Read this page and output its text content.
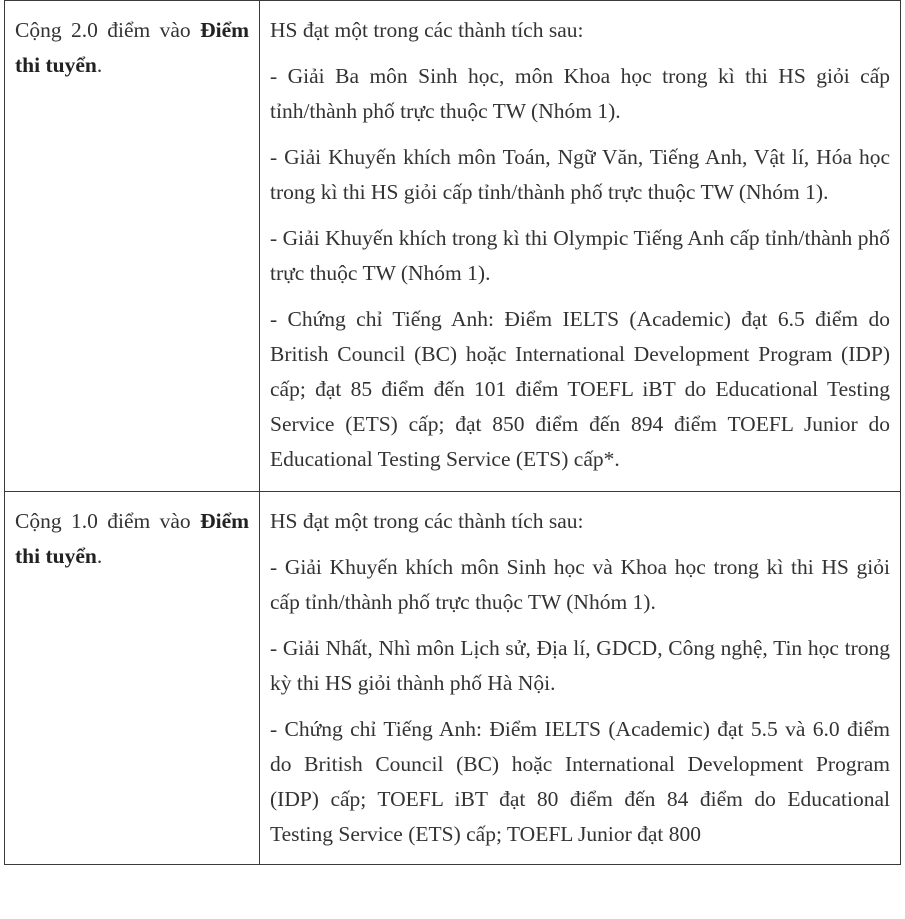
Cộng 2.0 điểm vào Điểm thi tuyển.	HS đạt một trong các thành tích sau:

- Giải Ba môn Sinh học, môn Khoa học trong kì thi HS giỏi cấp tỉnh/thành phố trực thuộc TW (Nhóm 1).

- Giải Khuyến khích môn Toán, Ngữ Văn, Tiếng Anh, Vật lí, Hóa học trong kì thi HS giỏi cấp tỉnh/thành phố trực thuộc TW (Nhóm 1).

- Giải Khuyến khích trong kì thi Olympic Tiếng Anh cấp tỉnh/thành phố trực thuộc TW (Nhóm 1).

- Chứng chỉ Tiếng Anh: Điểm IELTS (Academic) đạt 6.5 điểm do British Council (BC) hoặc International Development Program (IDP) cấp; đạt 85 điểm đến 101 điểm TOEFL iBT do Educational Testing Service (ETS) cấp; đạt 850 điểm đến 894 điểm TOEFL Junior do Educational Testing Service (ETS) cấp*.

Cộng 1.0 điểm vào Điểm thi tuyển.	HS đạt một trong các thành tích sau:

- Giải Khuyến khích môn Sinh học và Khoa học trong kì thi HS giỏi cấp tỉnh/thành phố trực thuộc TW (Nhóm 1).

- Giải Nhất, Nhì môn Lịch sử, Địa lí, GDCD, Công nghệ, Tin học trong kỳ thi HS giỏi thành phố Hà Nội.

- Chứng chỉ Tiếng Anh: Điểm IELTS (Academic) đạt 5.5 và 6.0 điểm do British Council (BC) hoặc International Development Program (IDP) cấp; TOEFL iBT đạt 80 điểm đến 84 điểm do Educational Testing Service (ETS) cấp; TOEFL Junior đạt 800
